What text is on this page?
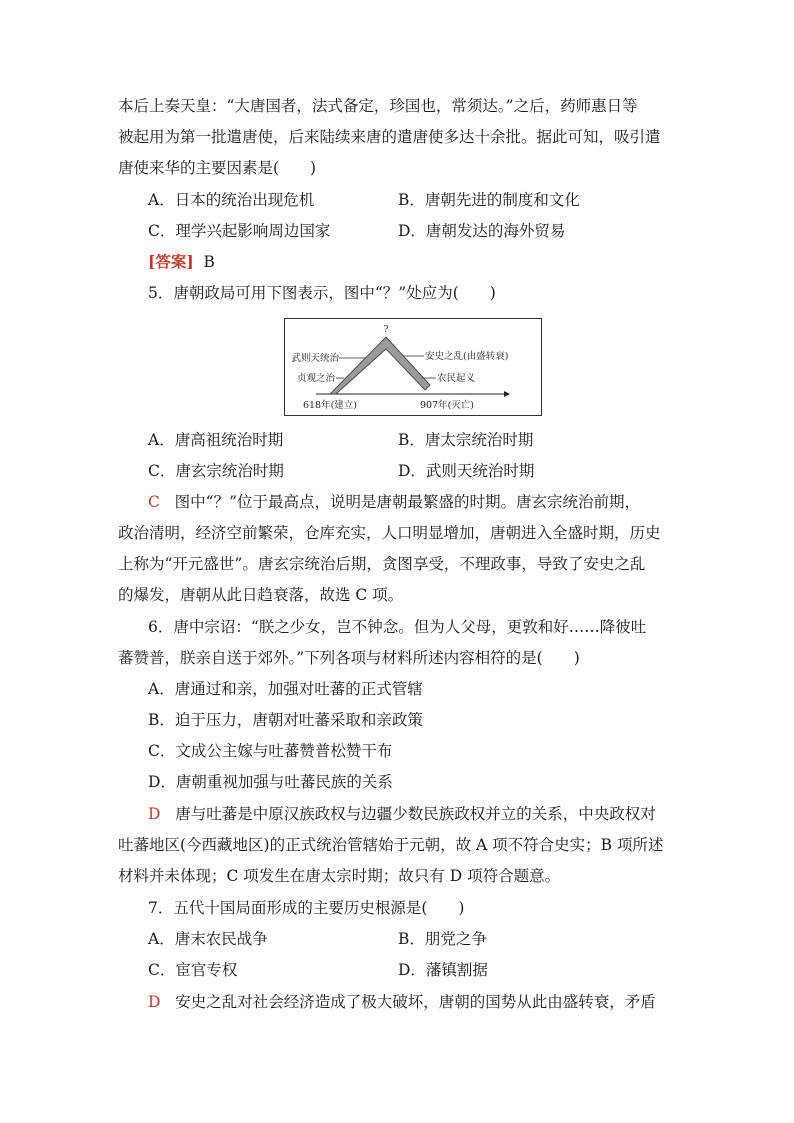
本后上奏天皇：“大唐国者，法式备定，珍国也，常须达。”之后，药师惠日等
被起用为第一批遣唐使，后来陆续来唐的遣唐使多达十余批。据此可知，吸引遣
唐使来华的主要因素是(　　)
A．日本的统治出现危机	B．唐朝先进的制度和文化
C．理学兴起影响周边国家	D．唐朝发达的海外贸易
[答案] B
5．唐朝政局可用下图表示，图中“？”处应为(　　)
?
武则天统治
贞观之治
安史之乱(由盛转衰)
农民起义
618年(建立)	907年(灭亡)
A．唐高祖统治时期	B．唐太宗统治时期
C．唐玄宗统治时期	D．武则天统治时期
C 图中“？”位于最高点，说明是唐朝最繁盛的时期。唐玄宗统治前期，
政治清明，经济空前繁荣，仓库充实，人口明显增加，唐朝进入全盛时期，历史
上称为“开元盛世”。唐玄宗统治后期，贪图享受，不理政事，导致了安史之乱
的爆发，唐朝从此日趋衰落，故选 C 项。
6．唐中宗诏：“朕之少女，岂不钟念。但为人父母，更敦和好……降彼吐
蕃赞普，朕亲自送于郊外。”下列各项与材料所述内容相符的是(　　)
A．唐通过和亲，加强对吐蕃的正式管辖
B．迫于压力，唐朝对吐蕃采取和亲政策
C．文成公主嫁与吐蕃赞普松赞干布
D．唐朝重视加强与吐蕃民族的关系
D 唐与吐蕃是中原汉族政权与边疆少数民族政权并立的关系，中央政权对
吐蕃地区(今西藏地区)的正式统治管辖始于元朝，故 A 项不符合史实；B 项所述
材料并未体现；C 项发生在唐太宗时期；故只有 D 项符合题意。
7．五代十国局面形成的主要历史根源是(　　)
A．唐末农民战争	B．朋党之争
C．宦官专权	D．藩镇割据
D 安史之乱对社会经济造成了极大破坏，唐朝的国势从此由盛转衰，矛盾
